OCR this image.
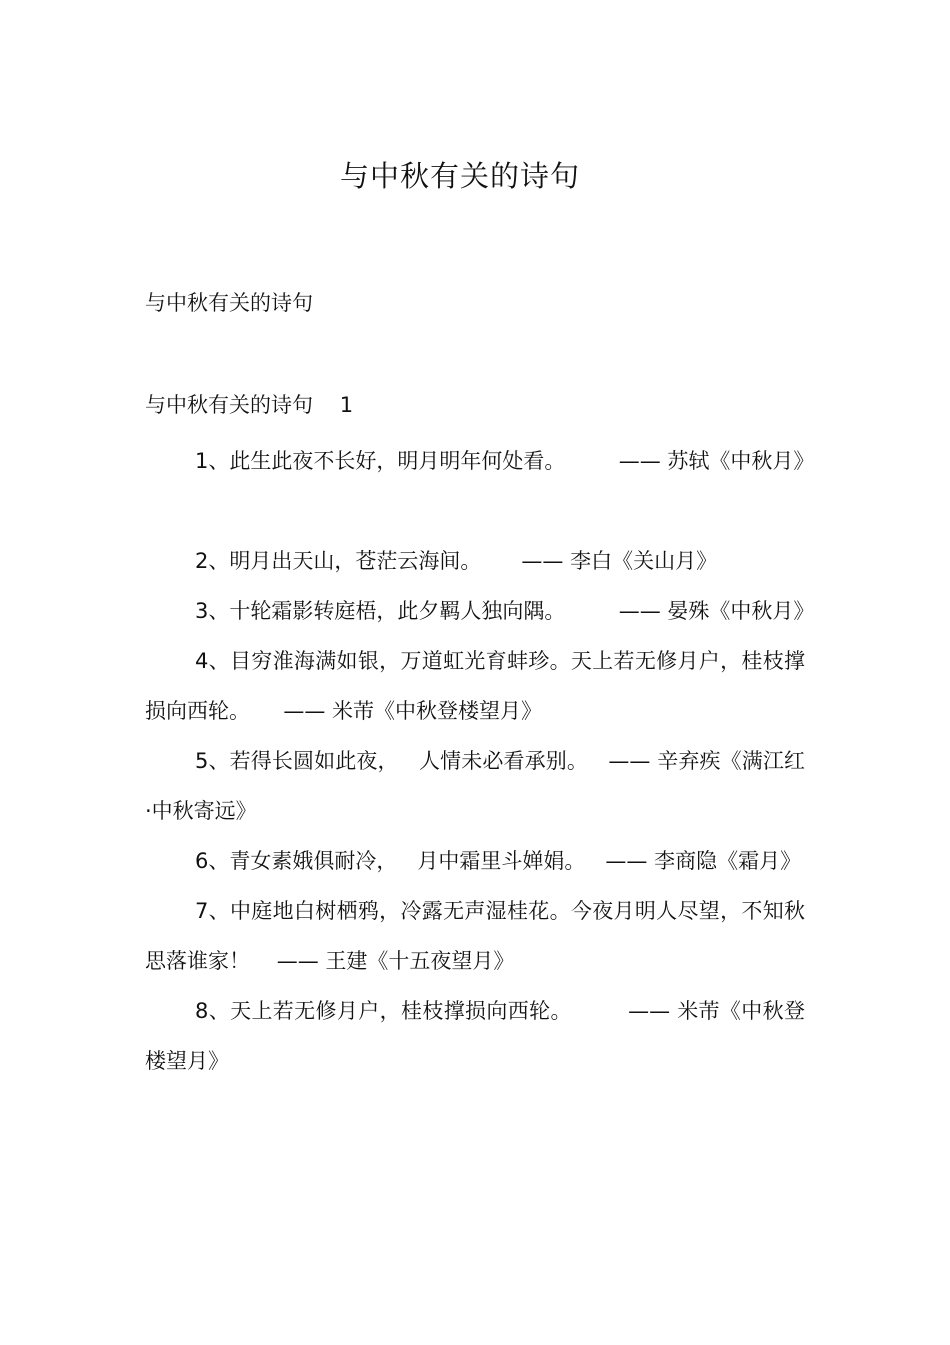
与中秋有关的诗句
与中秋有关的诗句
与中秋有关的诗句    1

1、此生此夜不长好，明月明年何处看。        —— 苏轼《中秋月》

2、明月出天山，苍茫云海间。      —— 李白《关山月》

3、十轮霜影转庭梧，此夕羁人独向隅。        —— 晏殊《中秋月》

4、目穷淮海满如银，万道虹光育蚌珍。天上若无修月户，桂枝撑损向西轮。     —— 米芾《中秋登楼望月》

5、若得长圆如此夜，   人情未必看承别。   —— 辛弃疾《满江红·中秋寄远》

6、青女素娥俱耐冷，   月中霜里斗婵娟。   —— 李商隐《霜月》

7、中庭地白树栖鸦，冷露无声湿桂花。今夜月明人尽望，不知秋思落谁家！    —— 王建《十五夜望月》

8、天上若无修月户，桂枝撑损向西轮。        —— 米芾《中秋登楼望月》
